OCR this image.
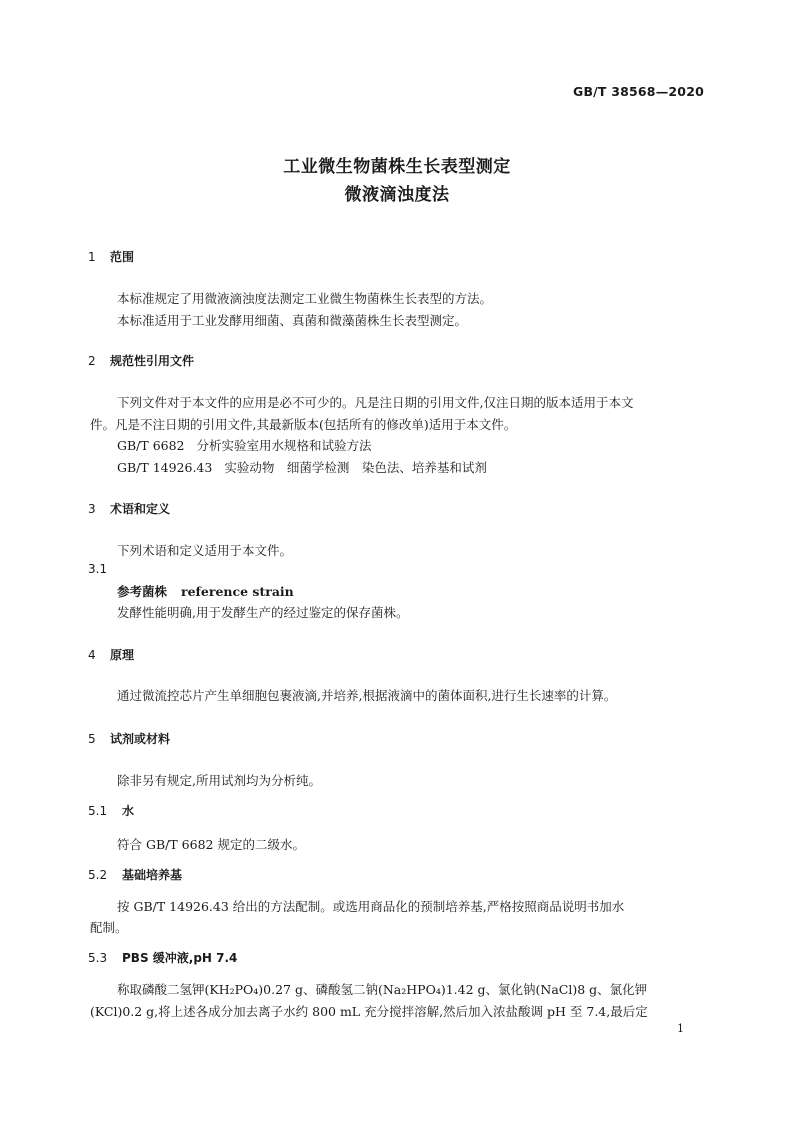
GB/T 38568—2020
工业微生物菌株生长表型测定
微液滴浊度法
1 范围
本标准规定了用微液滴浊度法测定工业微生物菌株生长表型的方法。
本标准适用于工业发酵用细菌、真菌和微藻菌株生长表型测定。
2 规范性引用文件
下列文件对于本文件的应用是必不可少的。凡是注日期的引用文件,仅注日期的版本适用于本文
件。凡是不注日期的引用文件,其最新版本(包括所有的修改单)适用于本文件。
GB/T 6682 分析实验室用水规格和试验方法
GB/T 14926.43 实验动物　细菌学检测　染色法、培养基和试剂
3 术语和定义
下列术语和定义适用于本文件。
3.1
参考菌株 reference strain
发酵性能明确,用于发酵生产的经过鉴定的保存菌株。
4 原理
通过微流控芯片产生单细胞包裹液滴,并培养,根据液滴中的菌体面积,进行生长速率的计算。
5 试剂或材料
除非另有规定,所用试剂均为分析纯。
5.1 水
符合 GB/T 6682 规定的二级水。
5.2 基础培养基
按 GB/T 14926.43 给出的方法配制。或选用商品化的预制培养基,严格按照商品说明书加水
配制。
5.3 PBS 缓冲液,pH 7.4
称取磷酸二氢钾(KH₂PO₄)0.27 g、磷酸氢二钠(Na₂HPO₄)1.42 g、氯化钠(NaCl)8 g、氯化钾
(KCl)0.2 g,将上述各成分加去离子水约 800 mL 充分搅拌溶解,然后加入浓盐酸调 pH 至 7.4,最后定
1
